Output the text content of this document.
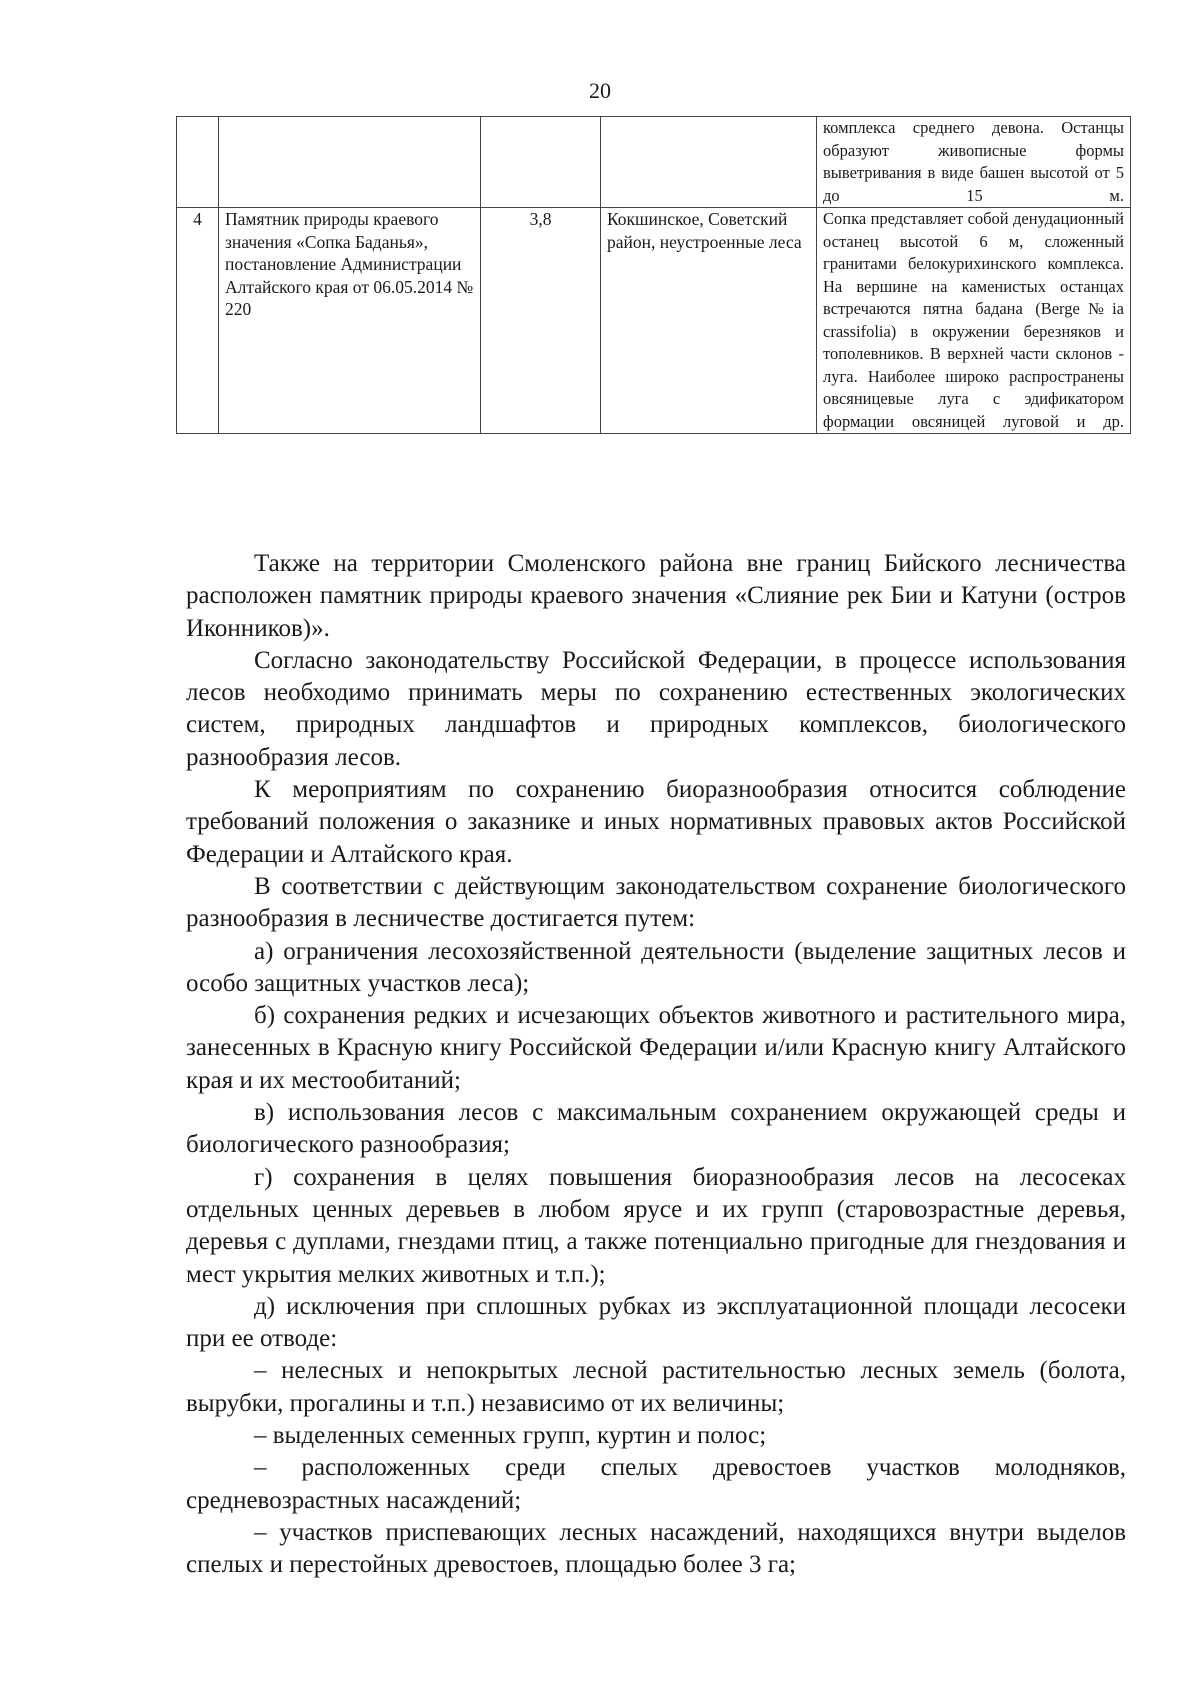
20
				комплекса среднего девона. Останцы образуют живописные формы выветривания в виде башен высотой от 5 до 15 м.
4	Памятник природы краевого значения «Сопка Баданья», постановление Администрации Алтайского края от 06.05.2014 № 220	3,8	Кокшинское, Советский район, неустроенные леса	Сопка представляет собой денудационный останец высотой 6 м, сложенный гранитами белокурихинского комплекса. На вершине на каменистых останцах встречаются пятна бадана (Berge№ia crassifolia) в окружении березняков и тополевников. В верхней части склонов - луга. Наиболее широко распространены овсяницевые луга с эдификатором формации овсяницей луговой и др.

Также на территории Смоленского района вне границ Бийского лесничества расположен памятник природы краевого значения «Слияние рек Бии и Катуни (остров Иконников)».

Согласно законодательству Российской Федерации, в процессе использования лесов необходимо принимать меры по сохранению естественных экологических систем, природных ландшафтов и природных комплексов, биологического разнообразия лесов.

К мероприятиям по сохранению биоразнообразия относится соблюдение требований положения о заказнике и иных нормативных правовых актов Российской Федерации и Алтайского края.

В соответствии с действующим законодательством сохранение биологического разнообразия в лесничестве достигается путем:

а) ограничения лесохозяйственной деятельности (выделение защитных лесов и особо защитных участков леса);

б) сохранения редких и исчезающих объектов животного и растительного мира, занесенных в Красную книгу Российской Федерации и/или Красную книгу Алтайского края и их местообитаний;

в) использования лесов с максимальным сохранением окружающей среды и биологического разнообразия;

г) сохранения в целях повышения биоразнообразия лесов на лесосеках отдельных ценных деревьев в любом ярусе и их групп (старовозрастные деревья, деревья с дуплами, гнездами птиц, а также потенциально пригодные для гнездования и мест укрытия мелких животных и т.п.);

д) исключения при сплошных рубках из эксплуатационной площади лесосеки при ее отводе:

– нелесных и непокрытых лесной растительностью лесных земель (болота, вырубки, прогалины и т.п.) независимо от их величины;

– выделенных семенных групп, куртин и полос;

– расположенных среди спелых древостоев участков молодняков, средневозрастных насаждений;

– участков приспевающих лесных насаждений, находящихся внутри выделов спелых и перестойных древостоев, площадью более 3 га;
